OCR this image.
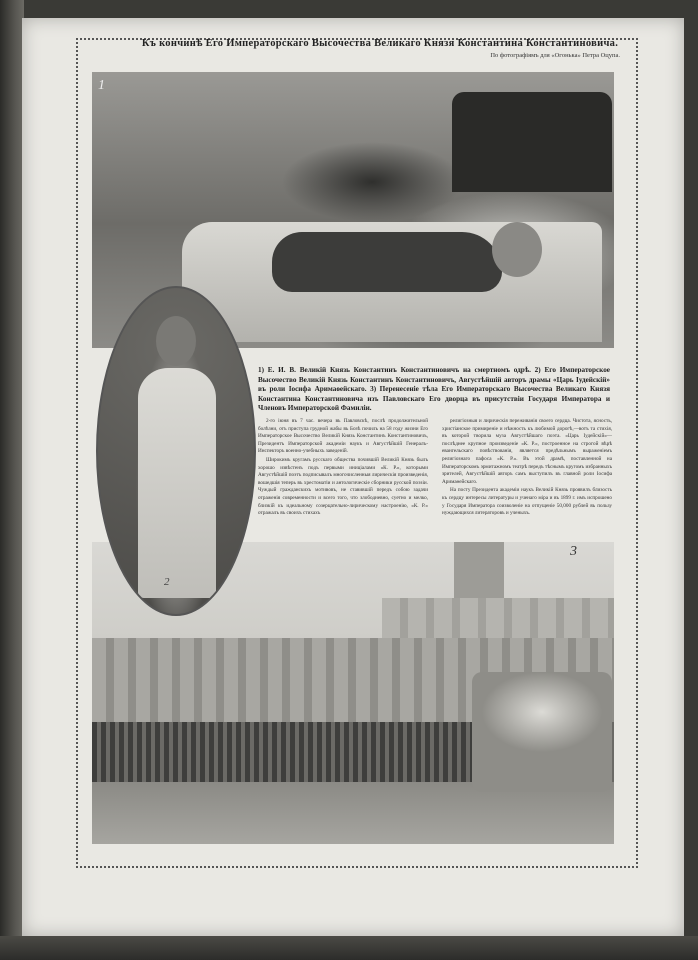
Къ кончинѣ Его Императорскаго Высочества Великаго Князя Константина Константиновича.
По фотографіямъ для «Огонька» Петра Оцупа.
1
3
2
1) Е. И. В. Великій Князь Константинъ Константиновичъ на смертномъ одрѣ. 2) Его Императорское Высочество Великій Князь Константинъ Константиновичъ, Августѣйшій авторъ драмы «Царь Іудейскій» въ роли Іосифа Аримаѳейскаго. 3) Перенесеніе тѣла Его Императорскаго Высочества Великаго Князя Константина Константиновича изъ Павловскаго Его дворца въ присутствіи Государя Императора и Членовъ Императорской Фамиліи.

2-го іюня въ 7 час. вечера въ Павловскѣ, послѣ продолжительной болѣзни, отъ приступа грудной жабы въ Бозѣ почилъ на 58 году жизни Его Императорское Высочество Великій Князь Константинъ Константиновичъ, Президентъ Императорской академіи наукъ и Августѣйшій Генералъ-Инспекторъ военно-учебныхъ заведеній.

Широкимъ кругамъ русскаго общества почившій Великій Князь былъ хорошо извѣстенъ подъ первыми иниціалами «К. Р.», которыми Августѣйшій поэтъ подписывалъ многочисленныя лирическія произведенія, вошедшія теперь въ хрестоматіи и антологическіе сборники русской поэзіи. Чуждый гражданскихъ мотивовъ, не ставившій передъ собою задачи отраженія современности и всего того, что злободневно, суетно и мелко, близкій къ идеальному созерцательно-лирическому настроенію, «К. Р.» отражалъ въ своихъ стихахъ

религіозныя и лирическія переживанія своего сердца. Чистота, ясность, христіанское примиреніе и нѣжность къ любимой дорогѣ,—вотъ та стихія, въ которой творила муза Августѣйшаго поэта. «Царь Іудейскій»—послѣднее крупное произведеніе «К. Р.», построенное на строгой вѣрѣ евангельскаго повѣствованія, является предѣльнымъ выраженіемъ религіознаго пафоса «К. Р.». Въ этой драмѣ, поставленной на Императорскомъ эрмитажномъ театрѣ передъ тѣснымъ кругомъ избранныхъ зрителей, Августѣйшій авторъ самъ выступилъ въ главной роли Іосифа Аримаѳейскаго.

На посту Президента академіи наукъ Великій Князь проявилъ близость къ сердцу интересы литературы и ученаго міра и въ 1899 г. имъ испрошено у Государя Императора соизволеніе на отпущеніе 50,000 рублей въ пользу нуждающихся литераторовъ и ученыхъ.
